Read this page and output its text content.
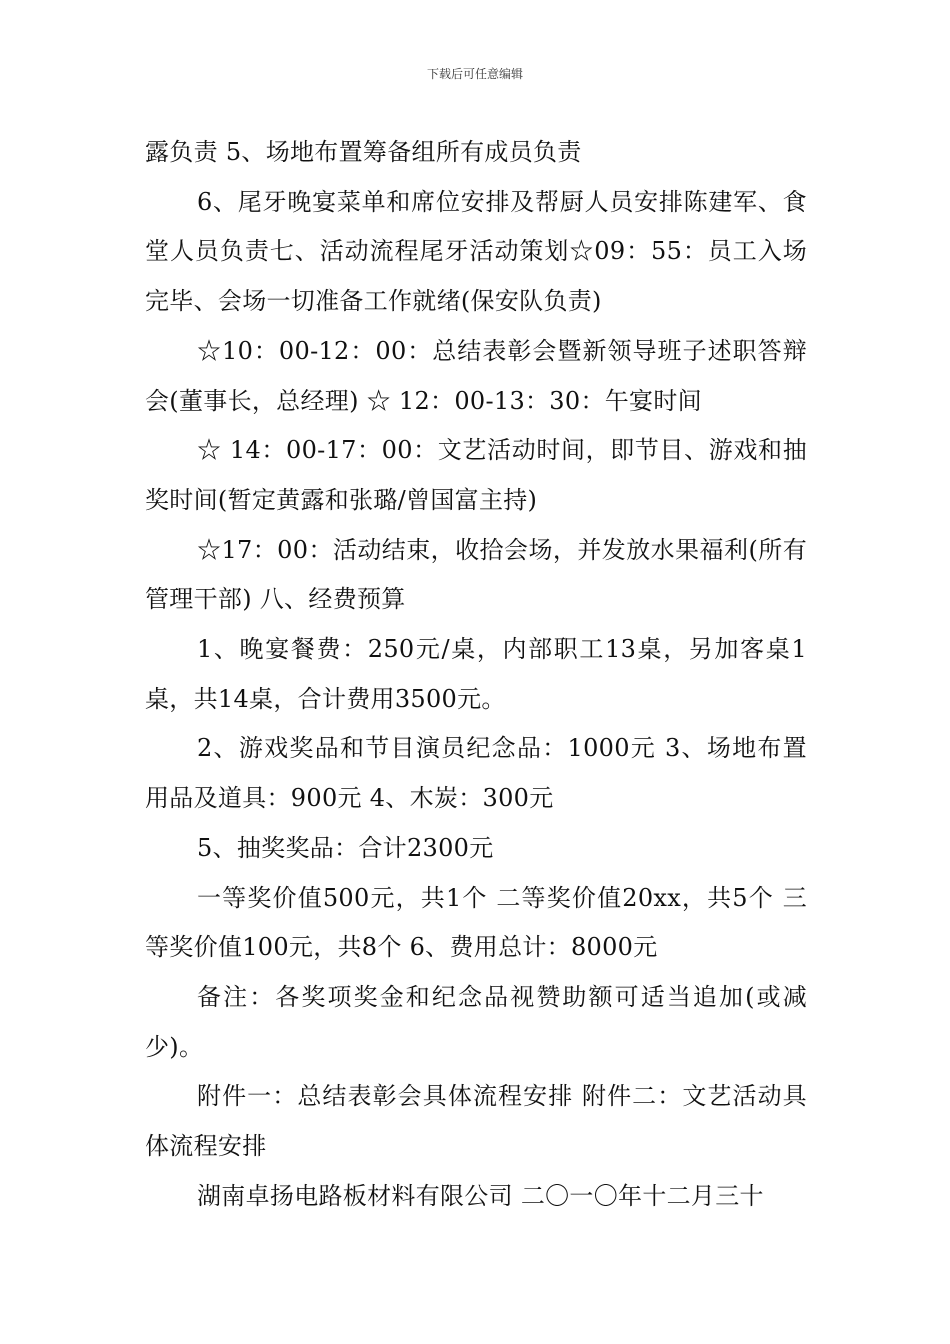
下载后可任意编辑

露负责 5、场地布置筹备组所有成员负责

6、尾牙晚宴菜单和席位安排及帮厨人员安排陈建军、食堂人员负责七、活动流程尾牙活动策划☆09：55：员工入场完毕、会场一切准备工作就绪(保安队负责)

☆10：00-12：00：总结表彰会暨新领导班子述职答辩会(董事长，总经理) ☆ 12：00-13：30：午宴时间

☆ 14：00-17：00：文艺活动时间，即节目、游戏和抽奖时间(暂定黄露和张璐/曾国富主持)

☆17：00：活动结束，收拾会场，并发放水果福利(所有管理干部) 八、经费预算

1、晚宴餐费：250元/桌，内部职工13桌，另加客桌1桌，共14桌，合计费用3500元。

2、游戏奖品和节目演员纪念品：1000元 3、场地布置用品及道具：900元 4、木炭：300元

5、抽奖奖品：合计2300元

一等奖价值500元，共1个 二等奖价值20xx，共5个 三等奖价值100元，共8个 6、费用总计：8000元

备注：各奖项奖金和纪念品视赞助额可适当追加(或减少)。

附件一：总结表彰会具体流程安排 附件二：文艺活动具体流程安排

湖南卓扬电路板材料有限公司 二〇一〇年十二月三十
